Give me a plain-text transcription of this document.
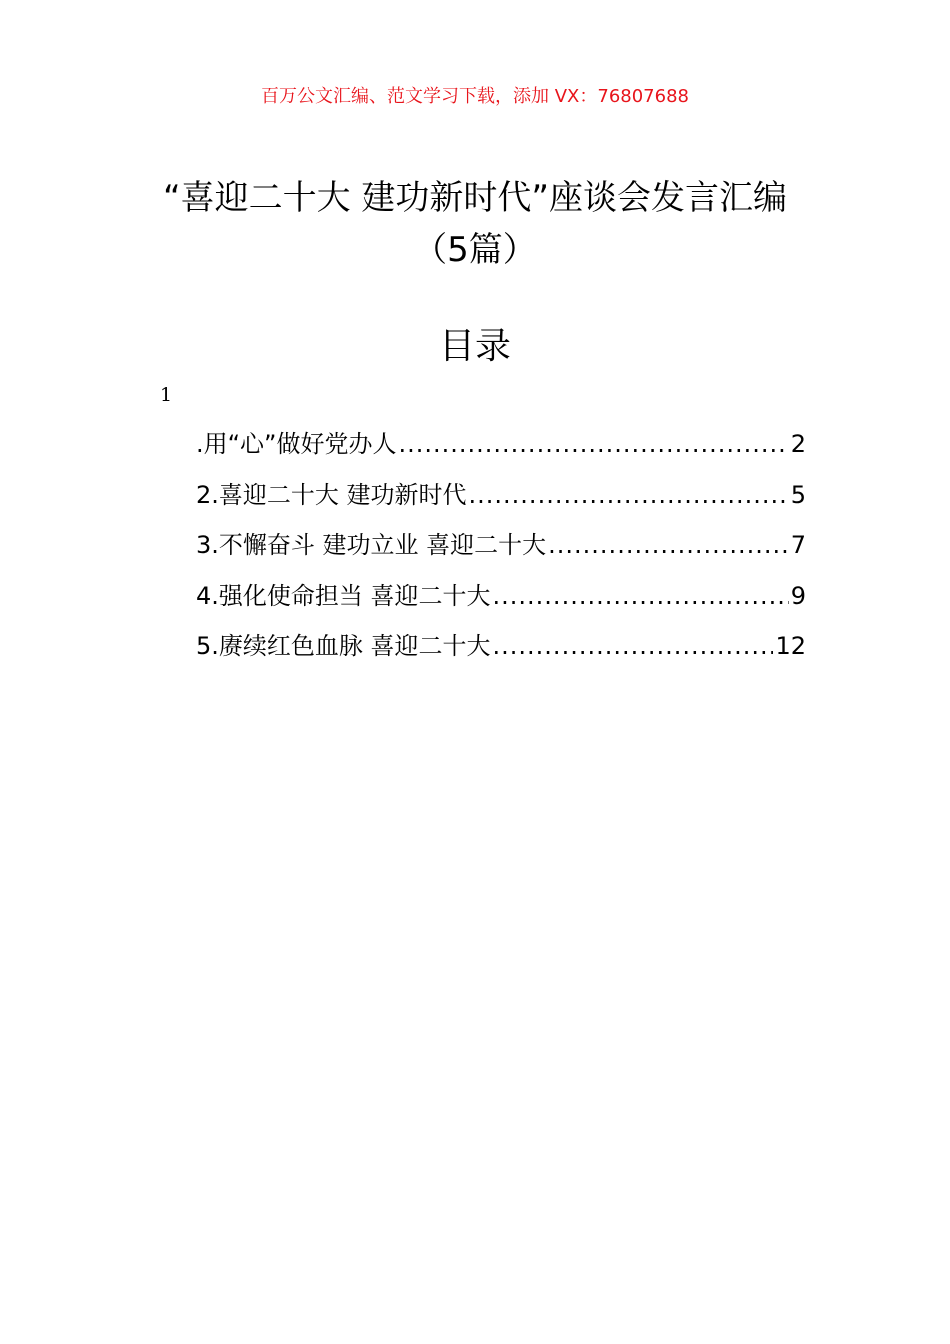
百万公文汇编、范文学习下载，添加 VX：76807688
“喜迎二十大 建功新时代”座谈会发言汇编
（5篇）
目录
1
.用“心”做好党办人 .....	2
2.喜迎二十大 建功新时代 .....	5
3.不懈奋斗 建功立业 喜迎二十大 .....	7
4.强化使命担当 喜迎二十大 .....	9
5.赓续红色血脉 喜迎二十大 .....	12
